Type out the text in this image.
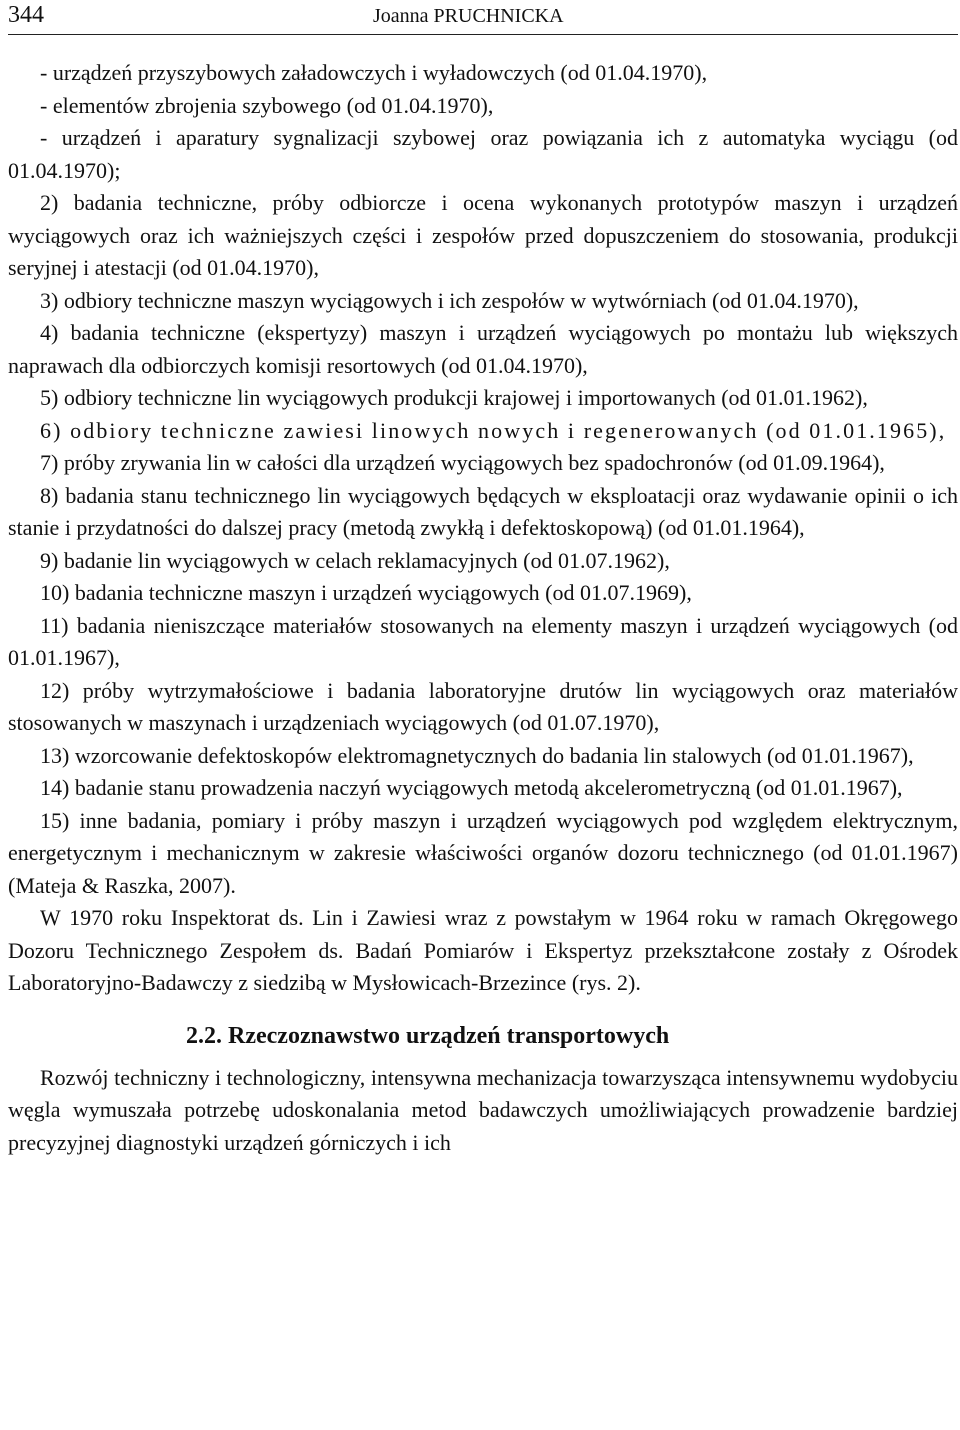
344	Joanna PRUCHNICKA

- urządzeń przyszybowych załadowczych i wyładowczych (od 01.04.1970),

- elementów zbrojenia szybowego (od 01.04.1970),

- urządzeń i aparatury sygnalizacji szybowej oraz powiązania ich z automatyka wyciągu (od 01.04.1970);

2) badania techniczne, próby odbiorcze i ocena wykonanych prototypów maszyn i urządzeń wyciągowych oraz ich ważniejszych części i zespołów przed dopuszczeniem do stosowania, produkcji seryjnej i atestacji (od 01.04.1970),

3) odbiory techniczne maszyn wyciągowych i ich zespołów w wytwórniach (od 01.04.1970),

4) badania techniczne (ekspertyzy) maszyn i urządzeń wyciągowych po montażu lub większych naprawach dla odbiorczych komisji resortowych (od 01.04.1970),

5) odbiory techniczne lin wyciągowych produkcji krajowej i importowanych (od 01.01.1962),

6) odbiory techniczne zawiesi linowych nowych i regenerowanych (od 01.01.1965),

7) próby zrywania lin w całości dla urządzeń wyciągowych bez spadochronów (od 01.09.1964),

8) badania stanu technicznego lin wyciągowych będących w eksploatacji oraz wydawanie opinii o ich stanie i przydatności do dalszej pracy (metodą zwykłą i defektoskopową) (od 01.01.1964),

9) badanie lin wyciągowych w celach reklamacyjnych (od 01.07.1962),

10) badania techniczne maszyn i urządzeń wyciągowych (od 01.07.1969),

11) badania nieniszczące materiałów stosowanych na elementy maszyn i urządzeń wyciągowych (od 01.01.1967),

12) próby wytrzymałościowe i badania laboratoryjne drutów lin wyciągowych oraz materiałów stosowanych w maszynach i urządzeniach wyciągowych (od 01.07.1970),

13) wzorcowanie defektoskopów elektromagnetycznych do badania lin stalowych (od 01.01.1967),

14) badanie stanu prowadzenia naczyń wyciągowych metodą akcelerometryczną (od 01.01.1967),

15) inne badania, pomiary i próby maszyn i urządzeń wyciągowych pod względem elektrycznym, energetycznym i mechanicznym w zakresie właściwości organów dozoru technicznego (od 01.01.1967) (Mateja & Raszka, 2007).

W 1970 roku Inspektorat ds. Lin i Zawiesi wraz z powstałym w 1964 roku w ramach Okręgowego Dozoru Technicznego Zespołem ds. Badań Pomiarów i Ekspertyz przekształcone zostały z Ośrodek Laboratoryjno-Badawczy z siedzibą w Mysłowicach-Brzezince (rys. 2).

2.2. Rzeczoznawstwo urządzeń transportowych

Rozwój techniczny i technologiczny, intensywna mechanizacja towarzysząca intensywnemu wydobyciu węgla wymuszała potrzebę udoskonalania metod badawczych umożliwiających prowadzenie bardziej precyzyjnej diagnostyki urządzeń górniczych i ich
